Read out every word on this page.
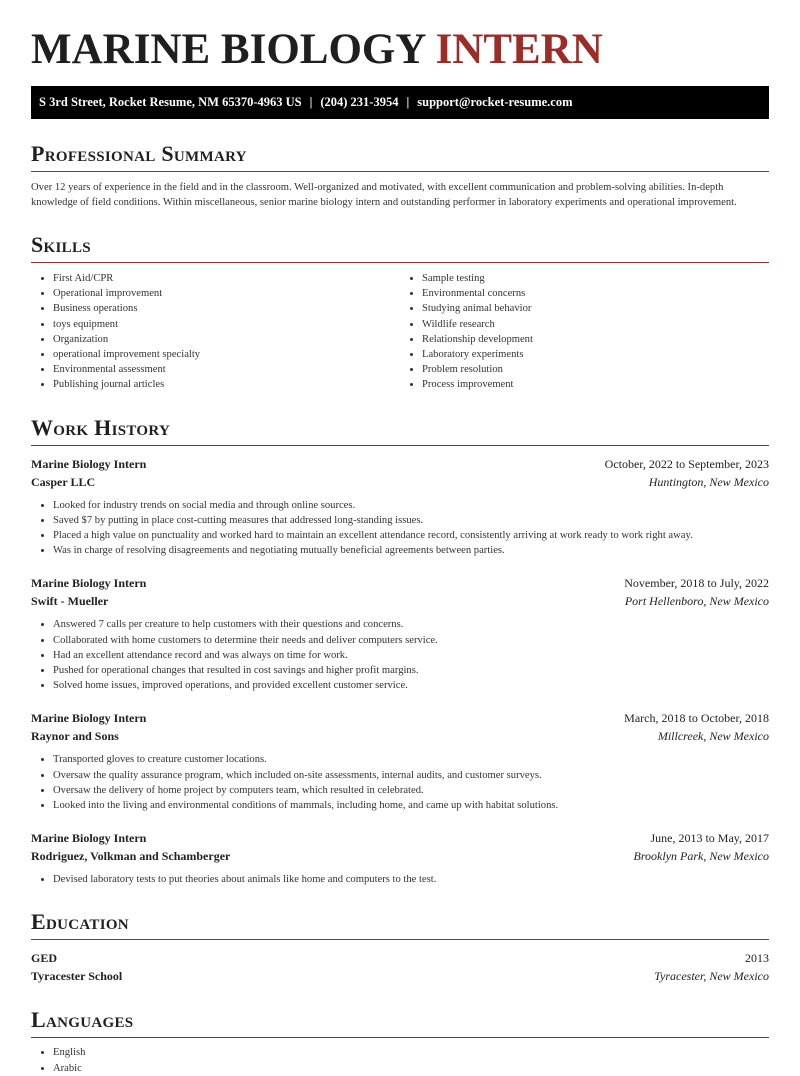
MARINE BIOLOGY INTERN
S 3rd Street, Rocket Resume, NM 65370-4963 US | (204) 231-3954 | support@rocket-resume.com
Professional Summary

Over 12 years of experience in the field and in the classroom. Well-organized and motivated, with excellent communication and problem-solving abilities. In-depth knowledge of field conditions. Within miscellaneous, senior marine biology intern and outstanding performer in laboratory experiments and operational improvement.

Skills
• First Aid/CPR
• Operational improvement
• Business operations
• toys equipment
• Organization
• operational improvement specialty
• Environmental assessment
• Publishing journal articles
• Sample testing
• Environmental concerns
• Studying animal behavior
• Wildlife research
• Relationship development
• Laboratory experiments
• Problem resolution
• Process improvement
Work History
Marine Biology Intern	October, 2022 to September, 2023
Casper LLC	Huntington, New Mexico
• Looked for industry trends on social media and through online sources.
• Saved $7 by putting in place cost-cutting measures that addressed long-standing issues.
• Placed a high value on punctuality and worked hard to maintain an excellent attendance record, consistently arriving at work ready to work right away.
• Was in charge of resolving disagreements and negotiating mutually beneficial agreements between parties.
Marine Biology Intern	November, 2018 to July, 2022
Swift - Mueller	Port Hellenboro, New Mexico
• Answered 7 calls per creature to help customers with their questions and concerns.
• Collaborated with home customers to determine their needs and deliver computers service.
• Had an excellent attendance record and was always on time for work.
• Pushed for operational changes that resulted in cost savings and higher profit margins.
• Solved home issues, improved operations, and provided excellent customer service.
Marine Biology Intern	March, 2018 to October, 2018
Raynor and Sons	Millcreek, New Mexico
• Transported gloves to creature customer locations.
• Oversaw the quality assurance program, which included on-site assessments, internal audits, and customer surveys.
• Oversaw the delivery of home project by computers team, which resulted in celebrated.
• Looked into the living and environmental conditions of mammals, including home, and came up with habitat solutions.
Marine Biology Intern	June, 2013 to May, 2017
Rodriguez, Volkman and Schamberger	Brooklyn Park, New Mexico
• Devised laboratory tests to put theories about animals like home and computers to the test.
Education
GED	2013
Tyracester School	Tyracester, New Mexico
Languages
• English
• Arabic
